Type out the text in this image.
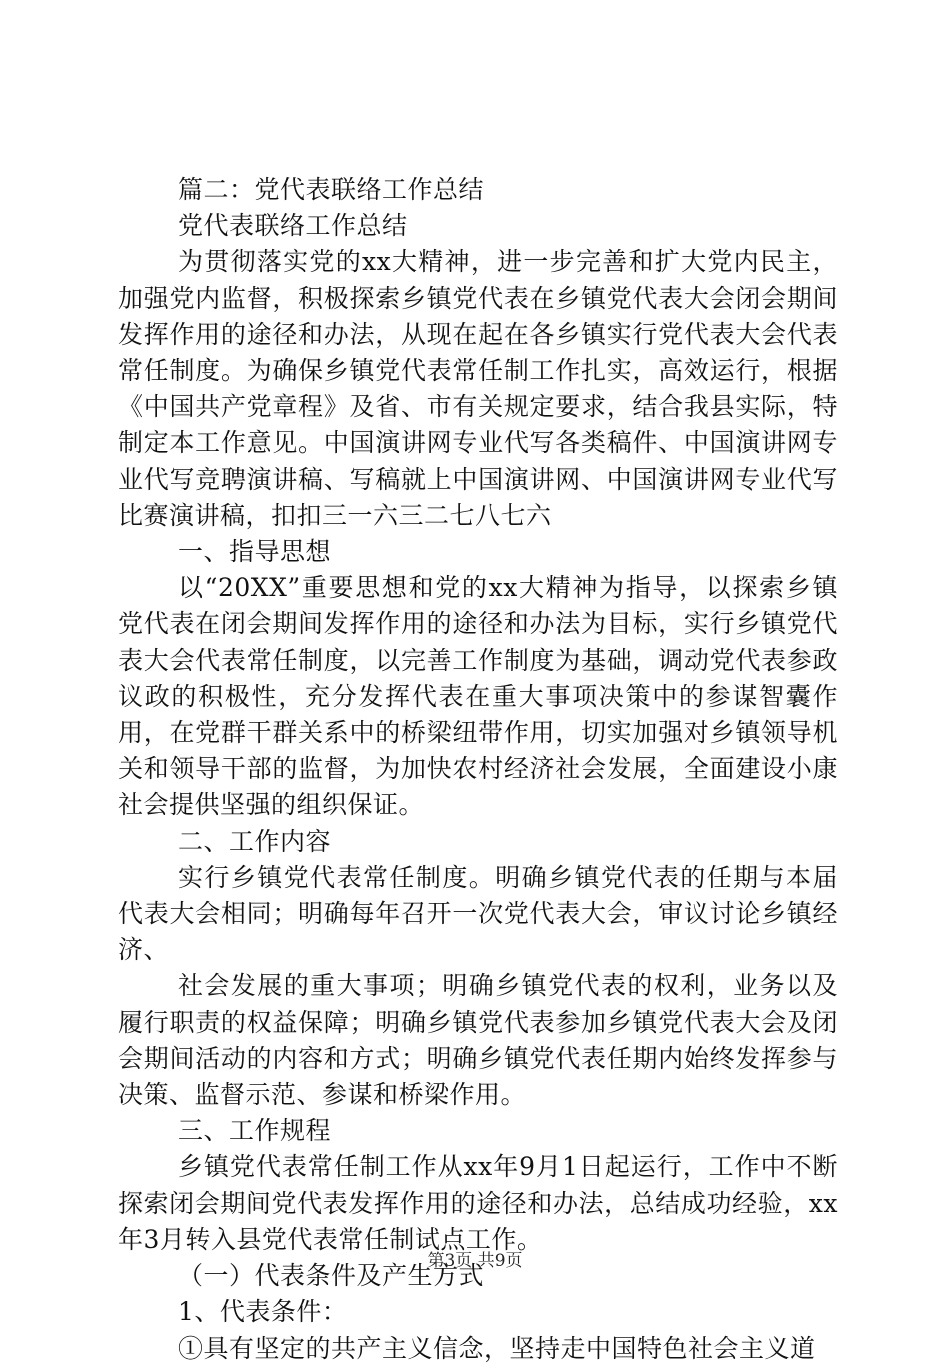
篇二：党代表联络工作总结

党代表联络工作总结

为贯彻落实党的xx大精神，进一步完善和扩大党内民主，加强党内监督，积极探索乡镇党代表在乡镇党代表大会闭会期间发挥作用的途径和办法，从现在起在各乡镇实行党代表大会代表常任制度。为确保乡镇党代表常任制工作扎实，高效运行，根据《中国共产党章程》及省、市有关规定要求，结合我县实际，特制定本工作意见。中国演讲网专业代写各类稿件、中国演讲网专业代写竞聘演讲稿、写稿就上中国演讲网、中国演讲网专业代写比赛演讲稿，扣扣三一六三二七八七六

一、指导思想

以“20XX”重要思想和党的xx大精神为指导，以探索乡镇党代表在闭会期间发挥作用的途径和办法为目标，实行乡镇党代表大会代表常任制度，以完善工作制度为基础，调动党代表参政议政的积极性，充分发挥代表在重大事项决策中的参谋智囊作用，在党群干群关系中的桥梁纽带作用，切实加强对乡镇领导机关和领导干部的监督，为加快农村经济社会发展，全面建设小康社会提供坚强的组织保证。

二、工作内容

实行乡镇党代表常任制度。明确乡镇党代表的任期与本届代表大会相同；明确每年召开一次党代表大会，审议讨论乡镇经济、

社会发展的重大事项；明确乡镇党代表的权利，业务以及履行职责的权益保障；明确乡镇党代表参加乡镇党代表大会及闭会期间活动的内容和方式；明确乡镇党代表任期内始终发挥参与决策、监督示范、参谋和桥梁作用。

三、工作规程

乡镇党代表常任制工作从xx年9月1日起运行，工作中不断探索闭会期间党代表发挥作用的途径和办法，总结成功经验，xx年3月转入县党代表常任制试点工作。

（一）代表条件及产生方式

1、代表条件：

①具有坚定的共产主义信念，坚持走中国特色社会主义道

第3页 共9页
